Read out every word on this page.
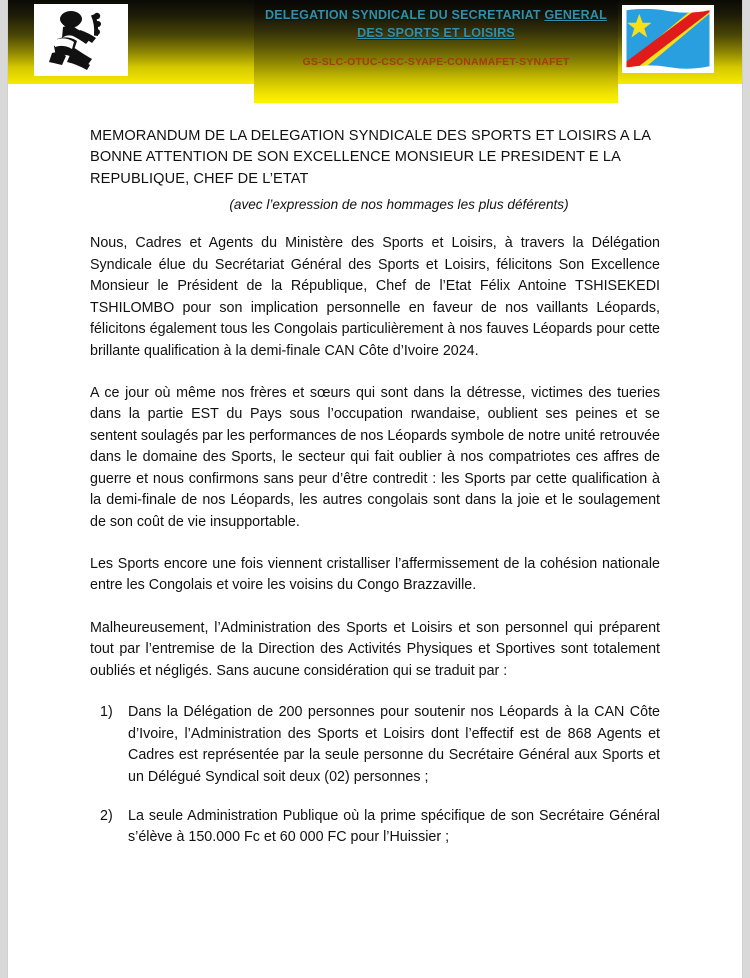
DELEGATION SYNDICALE DU SECRETARIAT GENERAL DES SPORTS ET LOISIRS
GS-SLC-OTUC-CSC-SYAPE-CONAMAFET-SYNAFET
MEMORANDUM DE LA DELEGATION SYNDICALE DES SPORTS ET LOISIRS A LA BONNE ATTENTION DE SON EXCELLENCE MONSIEUR LE PRESIDENT E LA REPUBLIQUE, CHEF DE L’ETAT
(avec l’expression de nos hommages les plus déférents)

Nous, Cadres et Agents du Ministère des Sports et Loisirs, à travers la Délégation Syndicale élue du Secrétariat Général des Sports et Loisirs, félicitons Son Excellence Monsieur le Président de la République, Chef de l’Etat Félix Antoine TSHISEKEDI TSHILOMBO pour son implication personnelle en faveur de nos vaillants Léopards, félicitons également tous les Congolais particulièrement à nos fauves Léopards pour cette brillante qualification à la demi-finale CAN Côte d’Ivoire 2024.

A ce jour où même nos frères et sœurs qui sont dans la détresse, victimes des tueries dans la partie EST du Pays sous l’occupation rwandaise, oublient ses peines et se sentent soulagés par les performances de nos Léopards symbole de notre unité retrouvée dans le domaine des Sports, le secteur qui fait oublier à nos compatriotes ces affres de guerre et nous confirmons sans peur d’être contredit : les Sports par cette qualification à la demi-finale de nos Léopards, les autres congolais sont dans la joie et le soulagement de son coût de vie insupportable.

Les Sports encore une fois viennent cristalliser l’affermissement de la cohésion nationale entre les Congolais et voire les voisins du Congo Brazzaville.

Malheureusement, l’Administration des Sports et Loisirs et son personnel qui préparent tout par l’entremise de la Direction des Activités Physiques et Sportives sont totalement oubliés et négligés. Sans aucune considération qui se traduit par :

Dans la Délégation de 200 personnes pour soutenir nos Léopards à la CAN Côte d’Ivoire, l’Administration des Sports et Loisirs dont l’effectif est de 868 Agents et Cadres est représentée par la seule personne du Secrétaire Général aux Sports et un Délégué Syndical soit deux (02) personnes ;
La seule Administration Publique où la prime spécifique de son Secrétaire Général s’élève à 150.000 Fc et 60 000 FC pour l’Huissier ;
